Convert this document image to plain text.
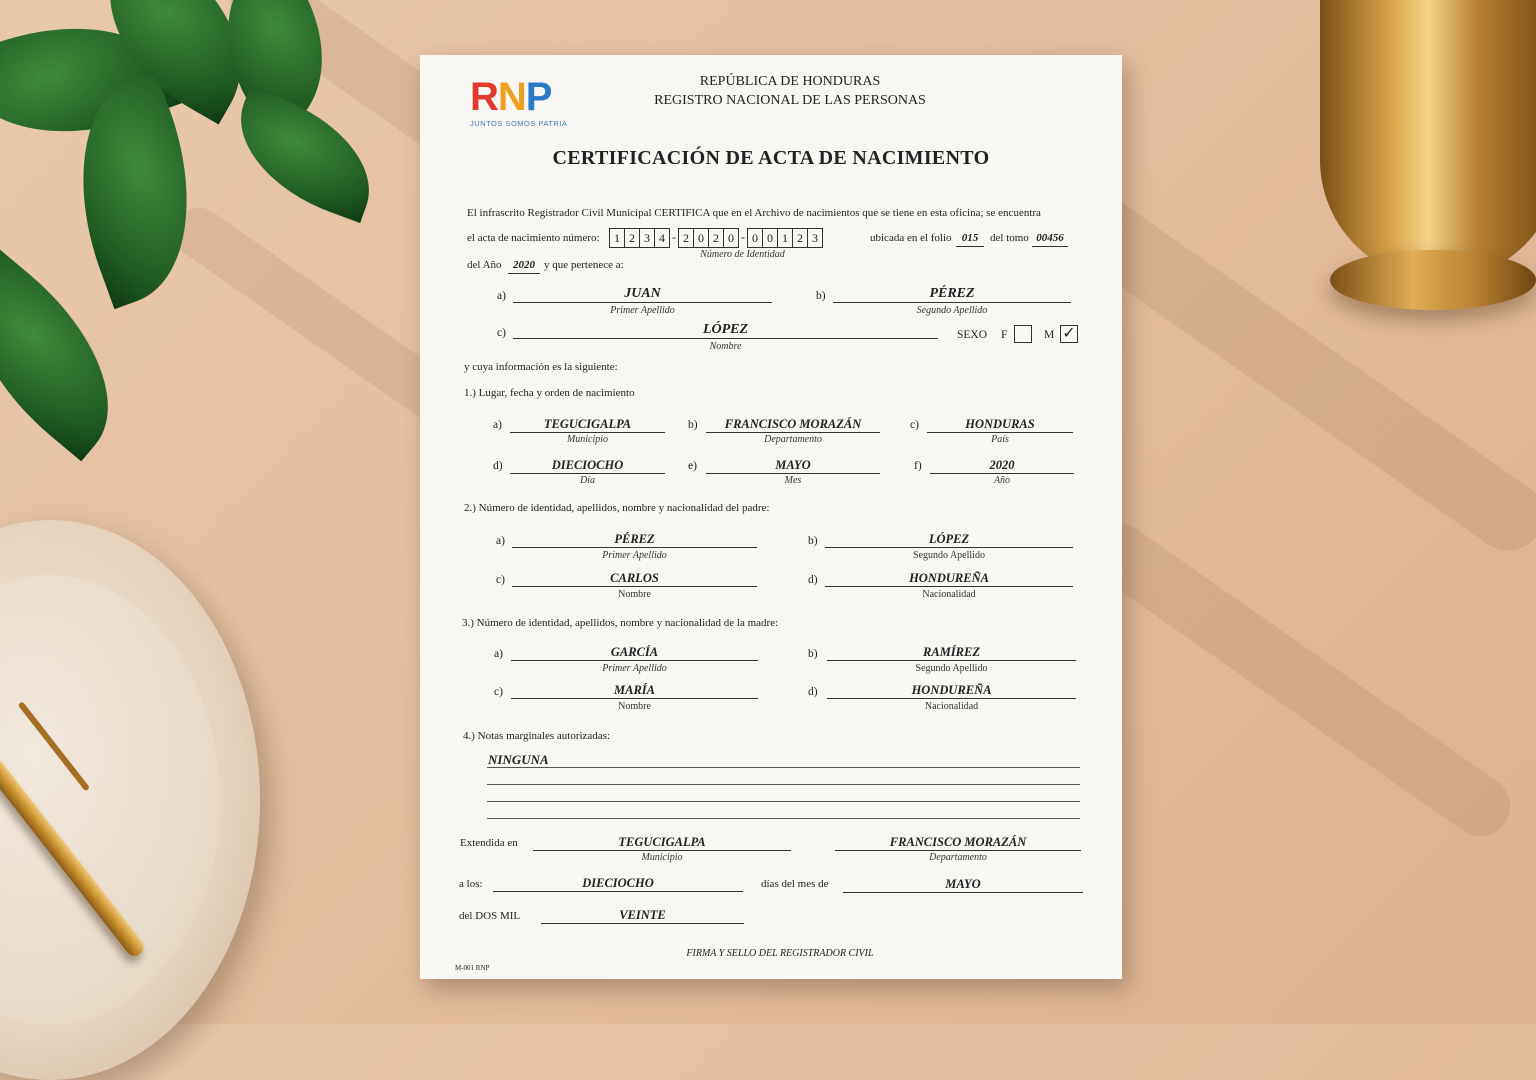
RNP
JUNTOS SOMOS PATRIA
REPÚBLICA DE HONDURAS
REGISTRO NACIONAL DE LAS PERSONAS
CERTIFICACIÓN DE ACTA DE NACIMIENTO
El infrascrito Registrador Civil Municipal CERTIFICA que en el Archivo de nacimientos que se tiene en esta oficina; se encuentra
el acta de nacimiento número:	1 2 3 4 - 2 0 2 0 - 0 0 1 2 3
Número de Identidad
ubicada en el folio 015	del tomo 00456
del Año	2020 y que pertenece a:
a)	JUAN
Primer Apellido
b)	PÉREZ
Segundo Apellido
c)	LÓPEZ
Nombre
SEXO F	M ✓
y cuya información es la siguiente:
1.) Lugar, fecha y orden de nacimiento
a)	TEGUCIGALPA
Municipio
b)	FRANCISCO MORAZÁN
Departamento
c)	HONDURAS
País
d)	DIECIOCHO
Día
e)	MAYO
Mes
f)	2020
Año
2.) Número de identidad, apellidos, nombre y nacionalidad del padre:
a)	PÉREZ
Primer Apellido
b)	LÓPEZ
Segundo Apellido
c)	CARLOS
Nombre
d)	HONDUREÑA
Nacionalidad
3.) Número de identidad, apellidos, nombre y nacionalidad de la madre:
a)	GARCÍA
Primer Apellido
b)	RAMÍREZ
Segundo Apellido
c)	MARÍA
Nombre
d)	HONDUREÑA
Nacionalidad
4.) Notas marginales autorizadas:
NINGUNA
Extendida en	TEGUCIGALPA
Municipio
FRANCISCO MORAZÁN
Departamento
a los:	DIECIOCHO	días del mes de	MAYO
del DOS MIL	VEINTE
FIRMA Y SELLO DEL REGISTRADOR CIVIL
M-001 RNP
